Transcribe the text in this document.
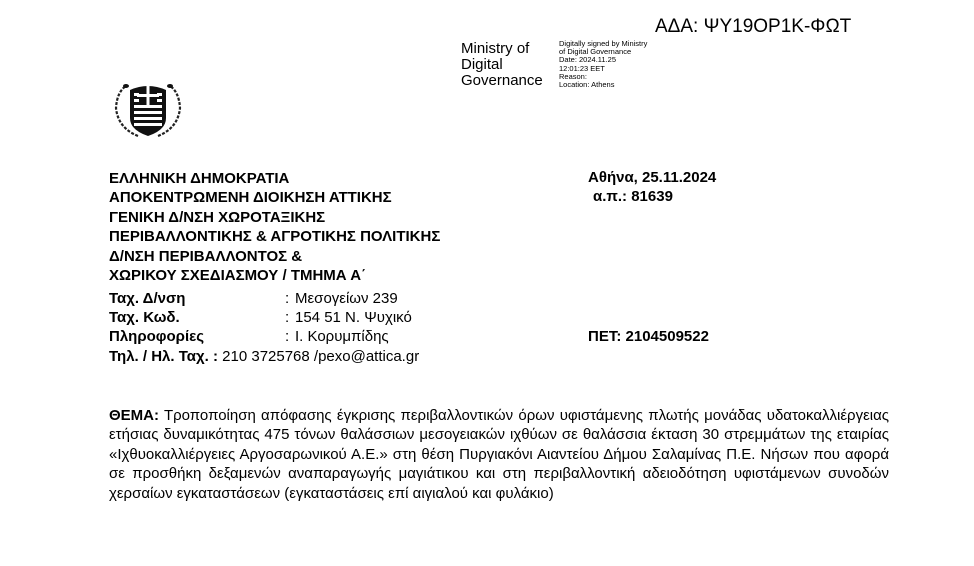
ΑΔΑ: ΨΥ19ΟΡ1Κ-ΦΩΤ
Ministry of
Digital
Governance
Digitally signed by Ministry
of Digital Governance
Date: 2024.11.25
12:01:23 EET
Reason:
Location: Athens
ΕΛΛΗΝΙΚΗ ΔΗΜΟΚΡΑΤΙΑ
ΑΠΟΚΕΝΤΡΩΜΕΝΗ ΔΙΟΙΚΗΣΗ ΑΤΤΙΚΗΣ
ΓΕΝΙΚΗ Δ/ΝΣΗ ΧΩΡΟΤΑΞΙΚΗΣ
ΠΕΡΙΒΑΛΛΟΝΤΙΚΗΣ & ΑΓΡΟΤΙΚΗΣ ΠΟΛΙΤΙΚΗΣ
Δ/ΝΣΗ ΠΕΡΙΒΑΛΛΟΝΤΟΣ &
ΧΩΡΙΚΟΥ ΣΧΕΔΙΑΣΜΟΥ / ΤΜΗΜΑ Α΄
Αθήνα, 25.11.2024
α.π.: 81639
Ταχ. Δ/νση	: Μεσογείων 239
Ταχ. Κωδ.	: 154 51 Ν. Ψυχικό
Πληροφορίες	: Ι. Κορυμπίδης
Τηλ. / Ηλ. Ταχ. : 210 3725768 /pexo@attica.gr
ΠΕΤ: 2104509522
ΘΕΜΑ: Τροποποίηση απόφασης έγκρισης περιβαλλοντικών όρων υφιστάμενης πλωτής μονάδας υδατοκαλλιέργειας ετήσιας δυναμικότητας 475 τόνων θαλάσσιων μεσογειακών ιχθύων σε θαλάσσια έκταση 30 στρεμμάτων της εταιρίας «Ιχθυοκαλλιέργειες Αργοσαρωνικού Α.Ε.» στη θέση Πυργιακόνι Αιαντείου Δήμου Σαλαμίνας Π.Ε. Νήσων που αφορά σε προσθήκη δεξαμενών αναπαραγωγής μαγιάτικου και στη περιβαλλοντική αδειοδότηση υφιστάμενων συνοδών χερσαίων εγκαταστάσεων (εγκαταστάσεις επί αιγιαλού και φυλάκιο)
